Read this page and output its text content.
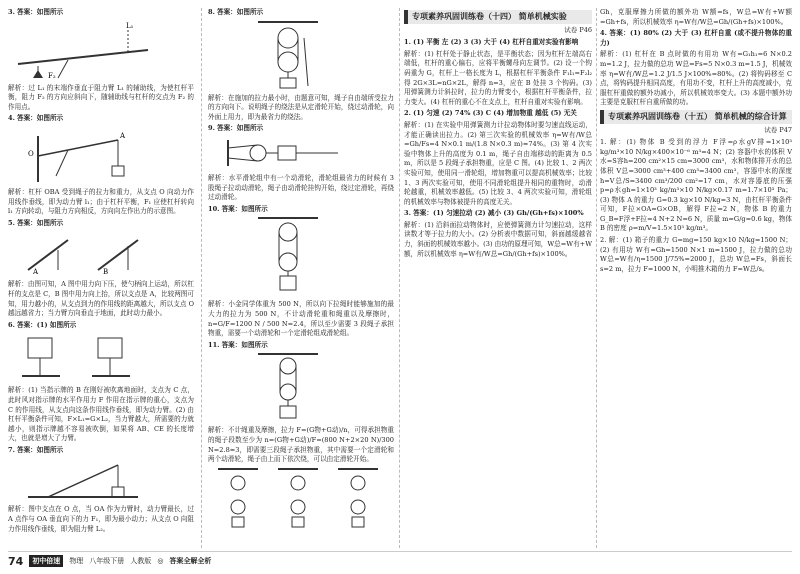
3. 答案：如图所示
L₁
F₂

解析：过 L₁ 的末端作垂直于阻力臂 L₁ 的辅助线，为使杠杆平衡，阻力 F₂ 的方向应斜向下，随辅助线与杠杆的交点为 F₂ 的作用点。

4. 答案：如图所示
O
A

解析：杠杆 OBA 受到绳子的拉力和重力，从支点 O 向动力作用线作垂线，即为动力臂 l₁；由于杠杆平衡，F₁ 应使杠杆转向 l₁ 方向转动，与阻力方向相反，方向向左作出力的示意图。

5. 答案：如图所示
A	B

解析：由图可知，A 图中用力向下压，使勺柄向上运动，所以杠杆的支点是 C，B 图中用力向上抬，所以支点是 A，比较两图可知，用力越小的，从支点到力的作用线的距离越大，所以支点 O 越远越省力；当力臂方向垂直于地面，此时动力最小。

6. 答案：(1) 如图所示

解析：(1) 当指示牌的 B 在刚好被吹离地面时，支点为 C 点，此时风对指示牌的水平作用力 F 作用在指示牌的重心，支点为 C 的作用线，从支点向这条作用线作垂线，即为动力臂。(2) 由杠杆平衡条件可知，F×L₁=G×L₂，当力臂越大，所需要的力就越小，则指示牌越不容易被吹倒，如果将 AB、CE 的长度增大，也就是增大了力臂。

7. 答案：如图所示

解析：图中支点在 O 点，当 OA 作为力臂时，动力臂最长，过 A 点作与 OA 垂直向下的力 F₁，即为最小动力；从支点 O 向阻力作用线作垂线，即为阻力臂 L₂。

8. 答案：如图所示

解析：在施加的拉力最小时，由题意可知，绳子自由端所受拉力的方向向下。说明绳子的绕法是从定滑轮开始，绕过动滑轮，向外面上用力，即为最省力的绕法。

9. 答案：如图所示

解析：水平滑轮组中有一个动滑轮，滑轮组最省力的时候有 3 股绳子拉动动滑轮，绳子由动滑轮挂钩开始，绕过定滑轮，再绕过动滑轮。

10. 答案：如图所示

解析：小金同学体重为 500 N，所以向下拉绳时能够施加的最大力的拉力为 500 N，不计动滑轮重和绳重以及摩擦时，n=G/F=1200 N / 500 N=2.4，所以至少需要 3 段绳子承担物重，需要一个动滑轮和一个定滑轮组成滑轮组。

11. 答案：如图所示

解析：不计绳重及摩擦，拉力 F=(G物+G动)/n，可得承担物重的绳子段数至少为 n=(G物+G动)/F=(800 N+2×20 N)/300 N=2.8≈3，即需要三段绳子承担物重，其中需要一个定滑轮和两个动滑轮，绳子由上而下依次绕，可以由定滑轮开始。

专项素养巩固训练卷（十四） 简单机械实验
试卷 P46

1. (1) 平衡 左 (2) 3 (3) 大于 (4) 杠杆自重对实验有影响

解析：(1) 杠杆处于静止状态，是平衡状态；因为杠杆左端高右端低，杠杆的重心偏右，应将平衡螺母向左调节。(2) 设一个钩码重为 G，杠杆上一格长度为 L，根据杠杆平衡条件 F₁l₁=F₂l₂ 得 2G×3L=nG×2L，解得 n=3，应在 B 处挂 3 个钩码。(3) 用弹簧测力计斜拉时，拉力的力臂变小，根据杠杆平衡条件，拉力变大。(4) 杠杆的重心不在支点上，杠杆自重对实验有影响。

2. (1) 匀速 (2) 74% (3) C (4) 增加物重 越低 (5) 无关

解析：(1) 在实验中用弹簧测力计拉动物体时要匀速直线运动，才能正确读出拉力。(2) 第三次实验的机械效率 η=W有/W总=Gh/Fs=4 N×0.1 m/(1.8 N×0.3 m)≈74%。(3) 第 4 次实验中物体上升的高度为 0.1 m，绳子自由端移动的距离为 0.5 m，所以是 5 段绳子承担物重，应是 C 图。(4) 比较 1、2 两次实验可知，使用同一滑轮组，增加物重可以提高机械效率；比较 1、3 两次实验可知，使用不同滑轮组提升相同的重物时，动滑轮越重，机械效率越低。(5) 比较 3、4 两次实验可知，滑轮组的机械效率与物体被提升的高度无关。

3. 答案：(1) 匀速拉动 (2) 减小 (3) Gh/(Gh+fs)×100%

解析：(1) 沿斜面拉动物体时，应使弹簧测力计匀速拉动，这样读数才等于拉力的大小。(2) 分析表中数据可知，斜面越缓越省力，斜面的机械效率越小。(3) 由功的原理可知，W总=W有+W额，所以机械效率 η=W有/W总=Gh/(Gh+fs)×100%。

Gh，克服摩擦力所做的额外功 W额=fs，W总=W有+W额=Gh+fs，所以机械效率 η=W有/W总=Gh/(Gh+fs)×100%。

4. 答案：(1) 80% (2) 大于 (3) 杠杆自重 (或不提升物体的重力)

解析：(1) 杠杆在 B 点时做的有用功 W有=G₁h₁=6 N×0.2 m=1.2 J，拉力做的总功 W总=Fs=5 N×0.3 m=1.5 J，机械效率 η=W有/W总=1.2 J/1.5 J×100%=80%。(2) 将钩码移至 C 点，将钩码提升相同高度，有用功不变，杠杆上升的高度减小，克服杠杆重做的额外功减小，所以机械效率变大。(3) 本题中额外功主要是克服杠杆自重所做的功。

专项素养巩固训练卷（十五） 简单机械的综合计算
试卷 P47

1. 解：(1) 物体 B 受到的浮力 F浮=ρ水gV排=1×10³ kg/m³×10 N/kg×400×10⁻⁶ m³=4 N；(2) 容器中水的体积 V水=S容h=200 cm²×15 cm=3000 cm³，水和物体排开水的总体积 V总=3000 cm³+400 cm³=3400 cm³，容器中水的深度 h=V总/S=3400 cm³/200 cm²=17 cm，水对容器底的压强 p=ρ水gh=1×10³ kg/m³×10 N/kg×0.17 m=1.7×10³ Pa；(3) 物体 A 的重力 G=0.3 kg×10 N/kg=3 N，由杠杆平衡条件可知，F拉×OA=G×OB，解得 F拉=2 N，物体 B 的重力 G_B=F浮+F拉=4 N+2 N=6 N，质量 m=G/g=0.6 kg，物体 B 的密度 ρ=m/V=1.5×10³ kg/m³。

2. 解：(1) 箱子的重力 G=mg=150 kg×10 N/kg=1500 N；(2) 有用功 W有=Gh=1500 N×1 m=1500 J，拉力做的总功 W总=W有/η=1500 J/75%=2000 J，总功 W总=Fs，斜面长 s=2 m，拉力 F=1000 N，小明推木箱的力 F=W总/s。

74	初中倍速	物理 八年级下册 人教版 ◎ 答案全解全析
